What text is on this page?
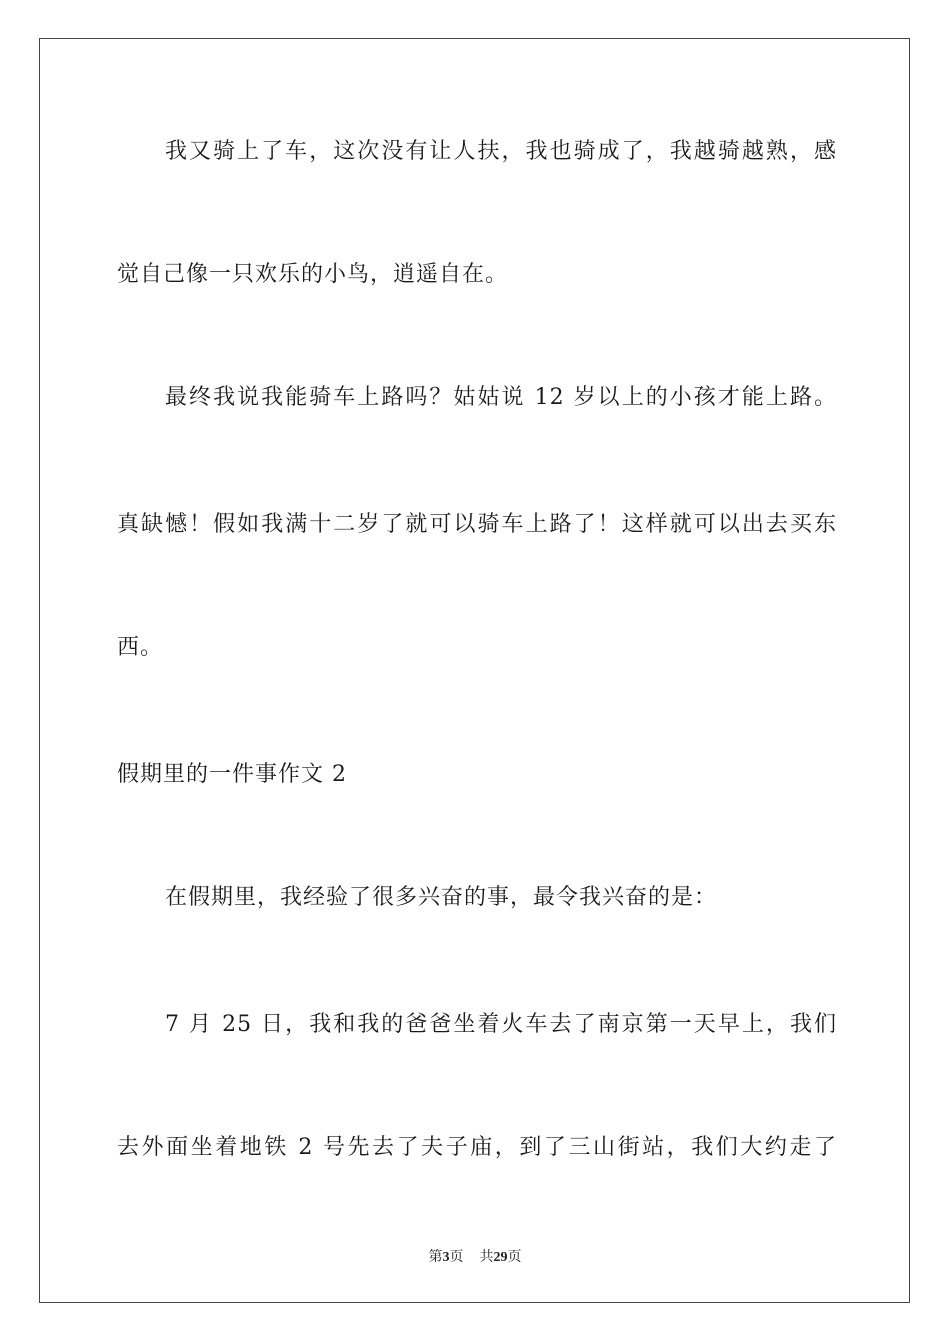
我又骑上了车，这次没有让人扶，我也骑成了，我越骑越熟，感
觉自己像一只欢乐的小鸟，逍遥自在。
最终我说我能骑车上路吗？姑姑说 12 岁以上的小孩才能上路。
真缺憾！假如我满十二岁了就可以骑车上路了！这样就可以出去买东
西。
假期里的一件事作文 2
在假期里，我经验了很多兴奋的事，最令我兴奋的是：
7 月 25 日，我和我的爸爸坐着火车去了南京第一天早上，我们
去外面坐着地铁 2 号先去了夫子庙，到了三山街站，我们大约走了
第3页 共29页
